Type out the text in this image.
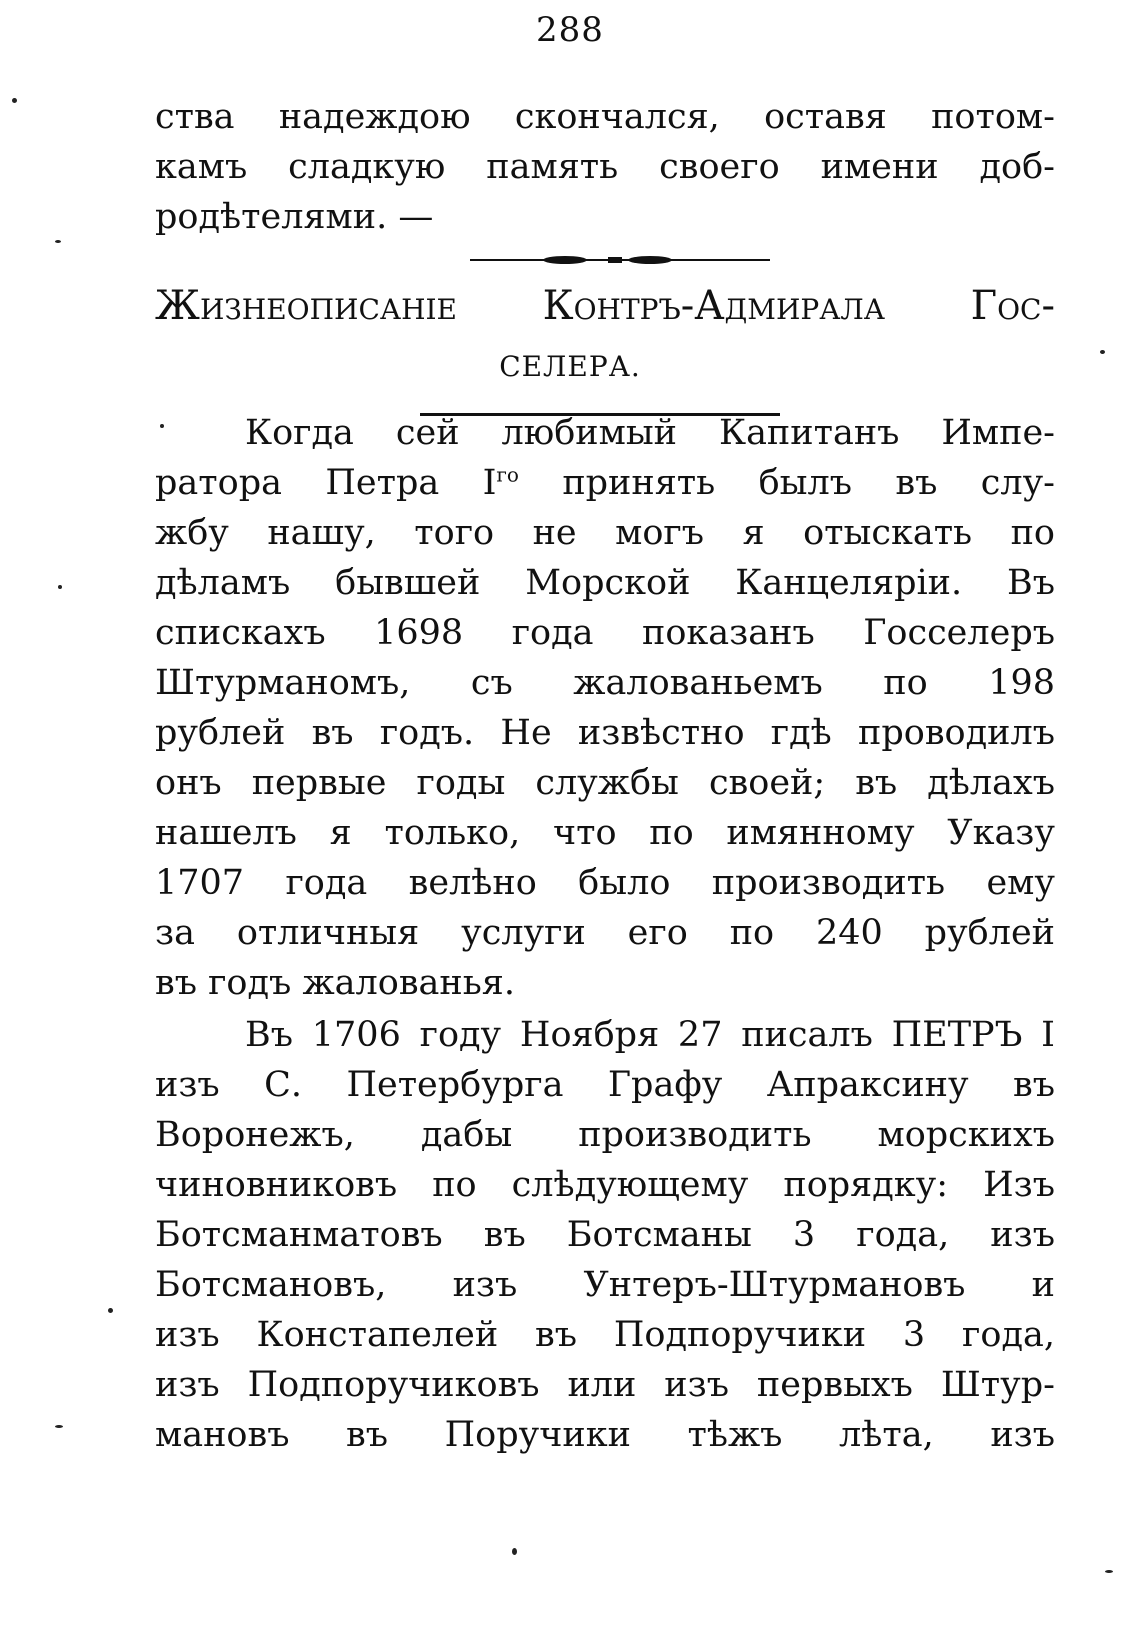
288
ства надеждою скончался, оставя потом-
камъ сладкую память своего имени доб-
родѣтелями. —
Жизнеописаніе Контръ-Адмирала Гос-
СЕЛЕРА.
Когда сей любимый Капитанъ Импе-
ратора Петра $I^{го}$ принять былъ въ слу-
жбу нашу, того не могъ я отыскать по
дѣламъ бывшей Морской Канцеляріи. Въ
спискахъ 1698 года показанъ Госселеръ
Штурманомъ, съ жалованьемъ по 198
рублей въ годъ. Не извѣстно гдѣ проводилъ
онъ первые годы службы своей; въ дѣлахъ
нашелъ я только, что по имянному Указу
1707 года велѣно было производить ему
за отличныя услуги его по 240 рублей
въ годъ жалованья.
Въ 1706 году Ноября 27 писалъ ПЕТРЪ I
изъ С. Петербурга Графу Апраксину въ
Воронежъ, дабы производить морскихъ
чиновниковъ по слѣдующему порядку: Изъ
Ботсманматовъ въ Ботсманы 3 года, изъ
Ботсмановъ, изъ Унтеръ-Штурмановъ и
изъ Констапелей въ Подпоручики 3 года,
изъ Подпоручиковъ или изъ первыхъ Штур-
мановъ въ Поручики тѣжъ лѣта, изъ
